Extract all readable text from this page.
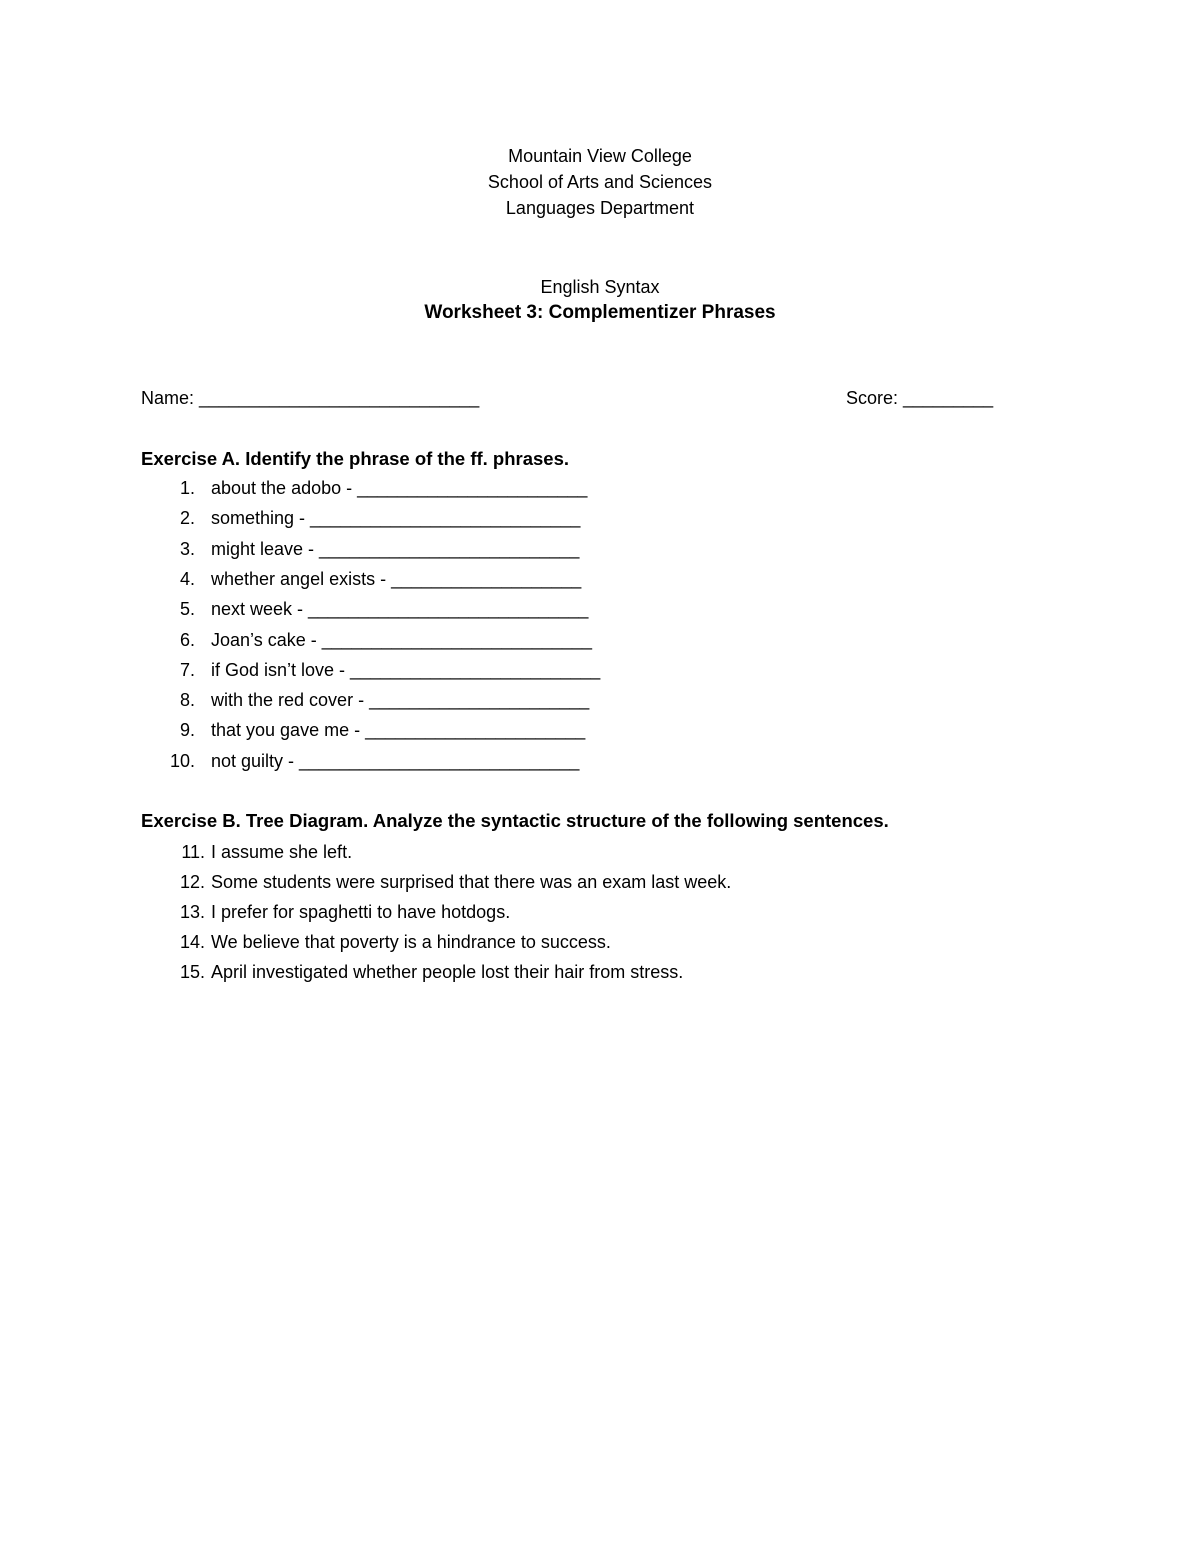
Mountain View College
School of Arts and Sciences
Languages Department
English Syntax
Worksheet 3: Complementizer Phrases
Name: ____________________________	Score: _________
Exercise A. Identify the phrase of the ff. phrases.
1. about the adobo - _______________________
2. something - ___________________________
3. might leave - __________________________
4. whether angel exists - ___________________
5. next week - ____________________________
6. Joan’s cake - ___________________________
7. if God isn’t love - _________________________
8. with the red cover - ______________________
9. that you gave me - ______________________
10. not guilty - ____________________________
Exercise B. Tree Diagram. Analyze the syntactic structure of the following sentences.
11. I assume she left.
12. Some students were surprised that there was an exam last week.
13. I prefer for spaghetti to have hotdogs.
14. We believe that poverty is a hindrance to success.
15. April investigated whether people lost their hair from stress.
